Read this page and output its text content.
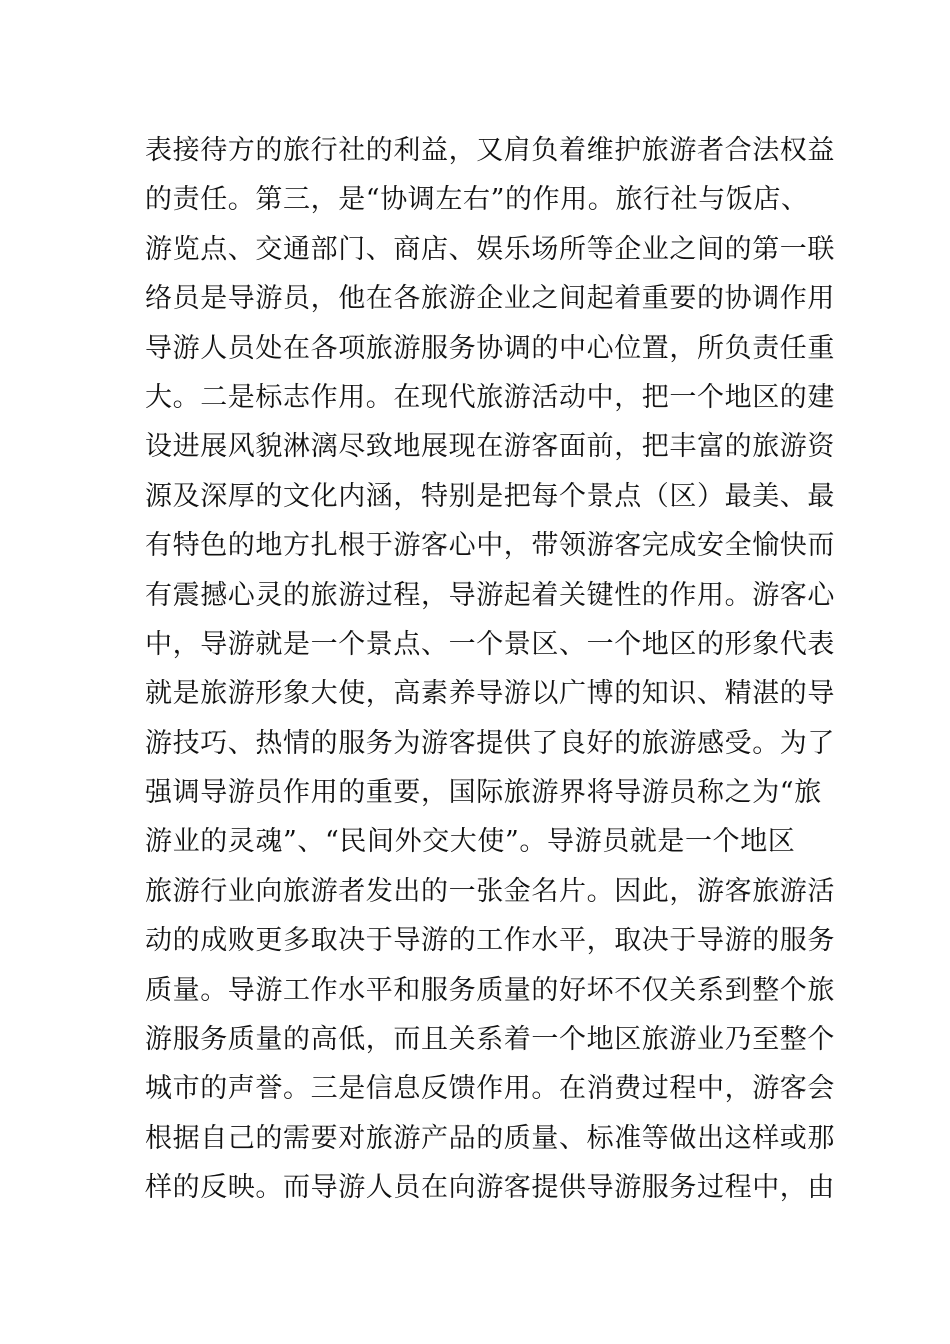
表接待方的旅行社的利益，又肩负着维护旅游者合法权益
的责任。第三，是“协调左右”的作用。旅行社与饭店、
游览点、交通部门、商店、娱乐场所等企业之间的第一联
络员是导游员，他在各旅游企业之间起着重要的协调作用
导游人员处在各项旅游服务协调的中心位置，所负责任重
大。二是标志作用。在现代旅游活动中，把一个地区的建
设进展风貌淋漓尽致地展现在游客面前，把丰富的旅游资
源及深厚的文化内涵，特别是把每个景点（区）最美、最
有特色的地方扎根于游客心中，带领游客完成安全愉快而
有震撼心灵的旅游过程，导游起着关键性的作用。游客心
中，导游就是一个景点、一个景区、一个地区的形象代表
就是旅游形象大使，高素养导游以广博的知识、精湛的导
游技巧、热情的服务为游客提供了良好的旅游感受。为了
强调导游员作用的重要，国际旅游界将导游员称之为“旅
游业的灵魂”、“民间外交大使”。导游员就是一个地区
旅游行业向旅游者发出的一张金名片。因此，游客旅游活
动的成败更多取决于导游的工作水平，取决于导游的服务
质量。导游工作水平和服务质量的好坏不仅关系到整个旅
游服务质量的高低，而且关系着一个地区旅游业乃至整个
城市的声誉。三是信息反馈作用。在消费过程中，游客会
根据自己的需要对旅游产品的质量、标准等做出这样或那
样的反映。而导游人员在向游客提供导游服务过程中，由
